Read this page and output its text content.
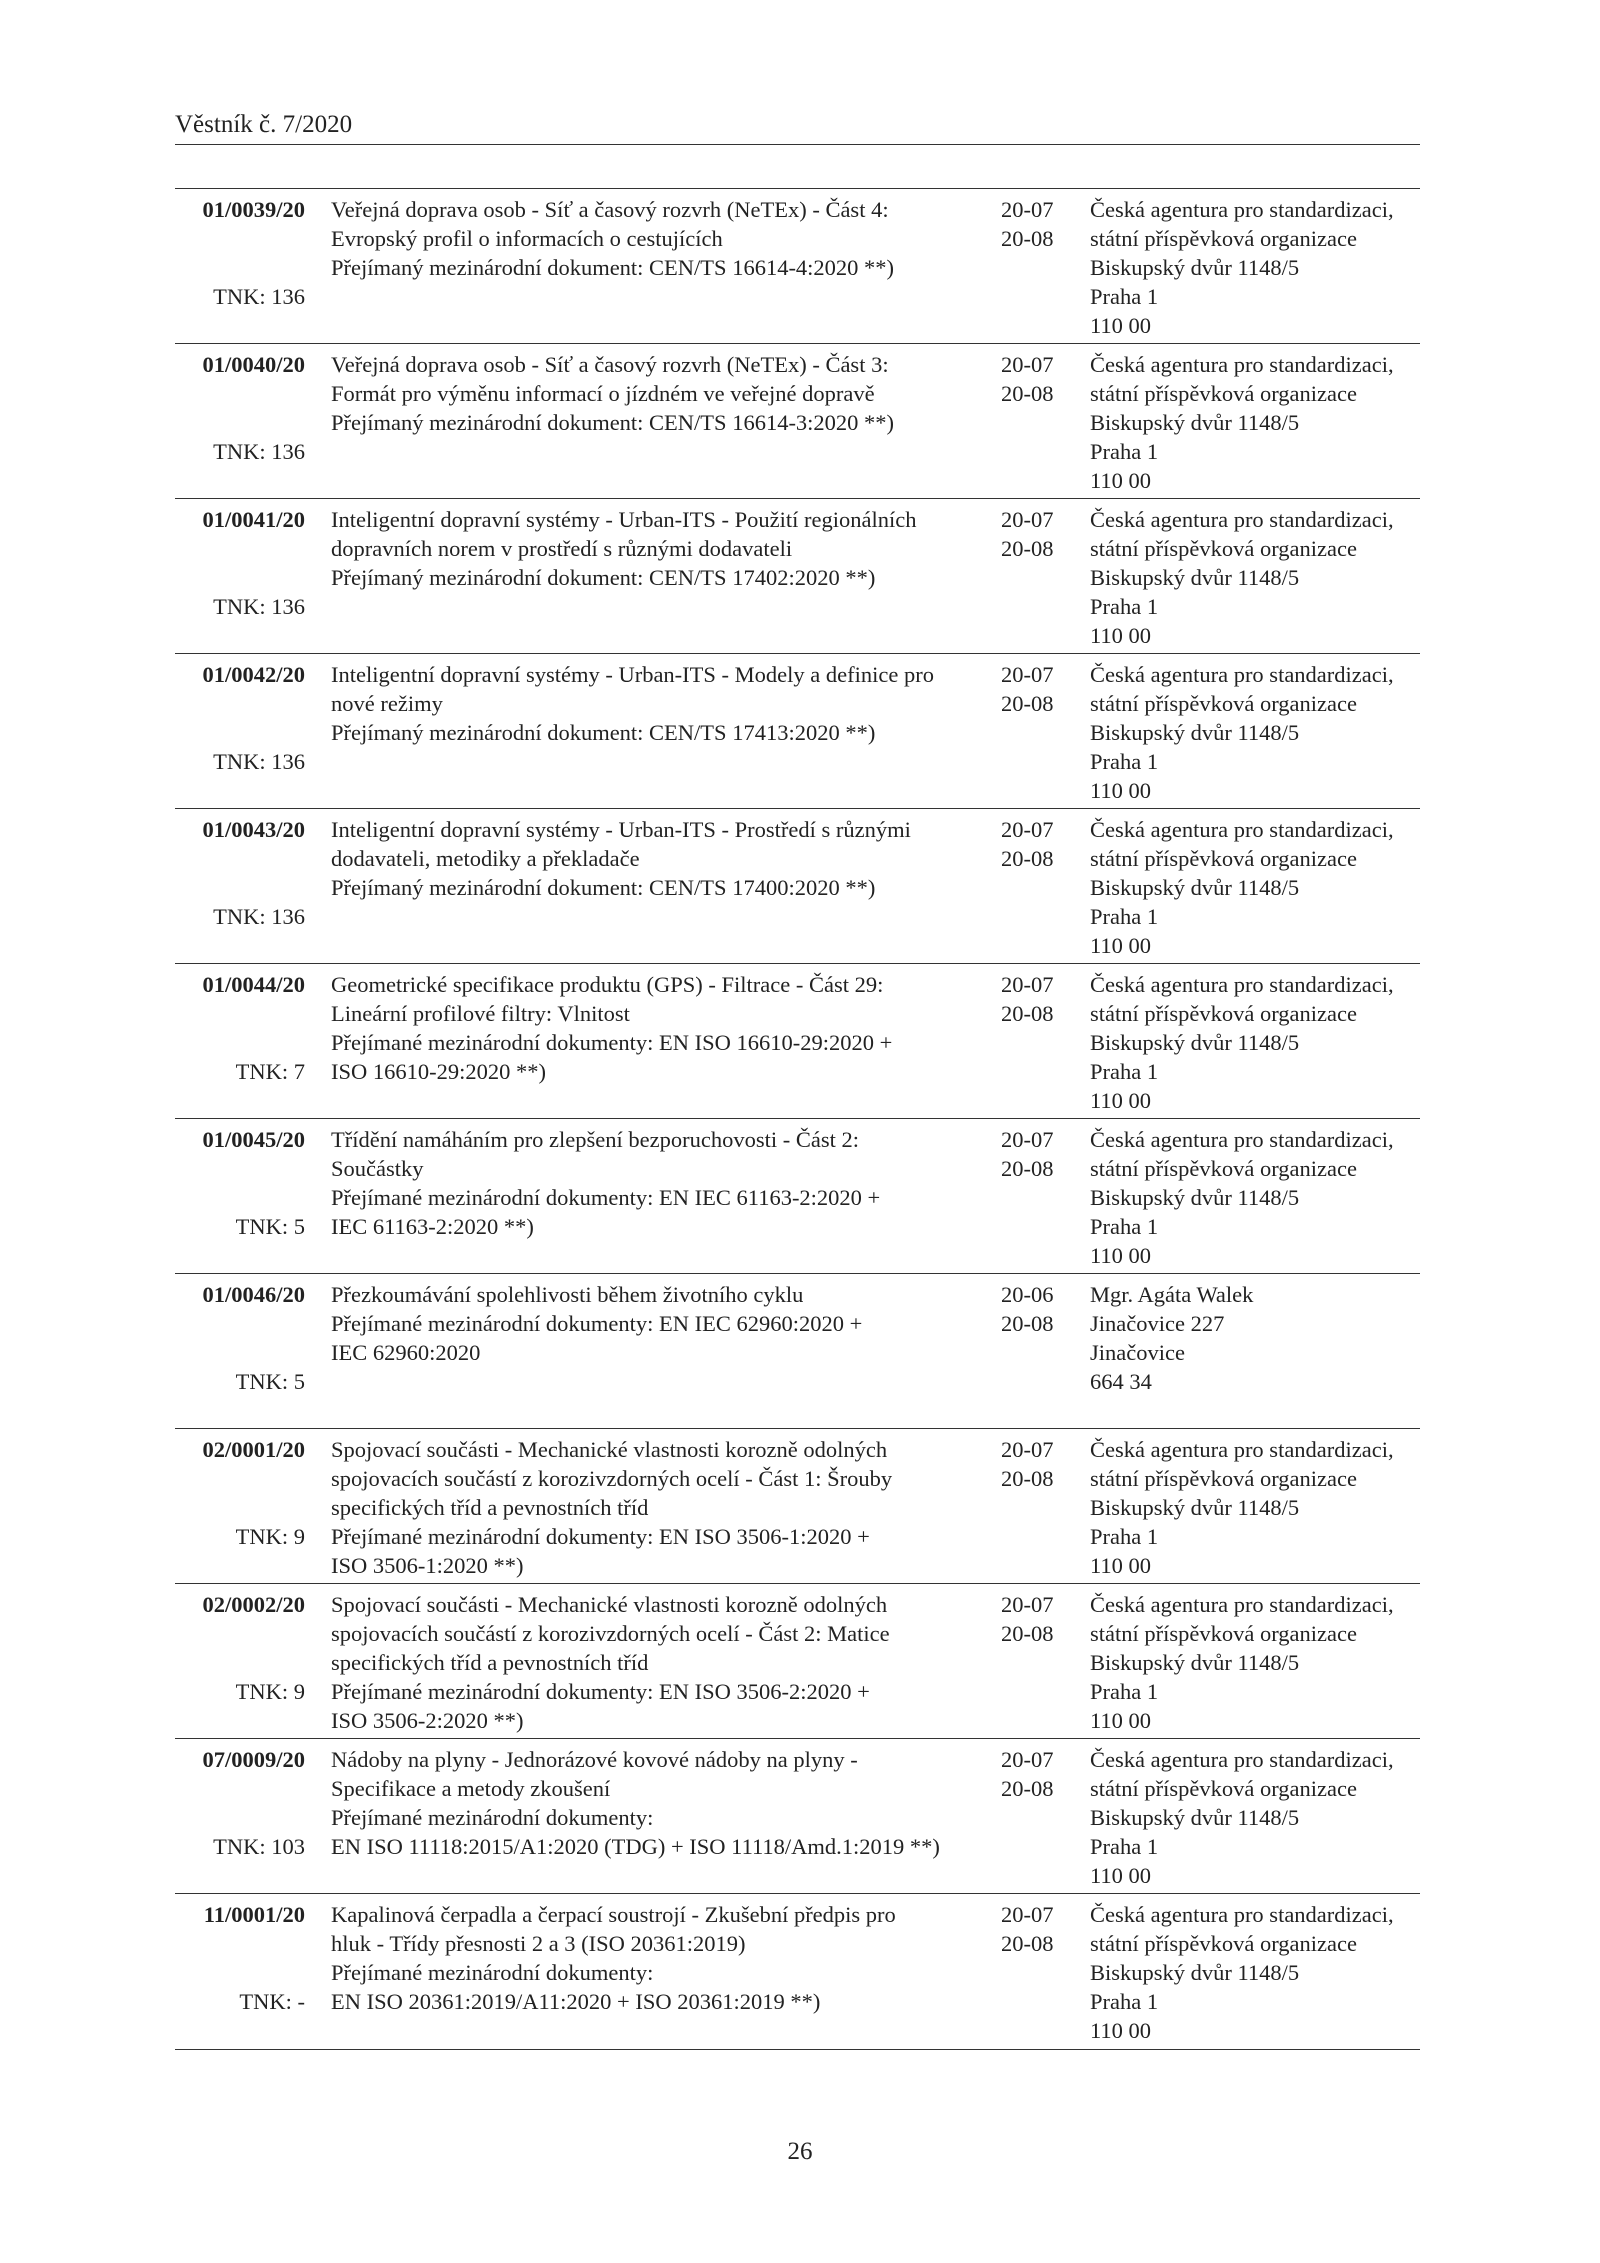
Věstník č. 7/2020
01/0039/20
TNK: 136
Veřejná doprava osob - Síť a časový rozvrh (NeTEx) - Část 4:
Evropský profil o informacích o cestujících
Přejímaný mezinárodní dokument: CEN/TS 16614-4:2020 **)
20-07
20-08
Česká agentura pro standardizaci,
státní příspěvková organizace
Biskupský dvůr 1148/5
Praha 1
110 00
01/0040/20
TNK: 136
Veřejná doprava osob - Síť a časový rozvrh (NeTEx) - Část 3:
Formát pro výměnu informací o jízdném ve veřejné dopravě
Přejímaný mezinárodní dokument: CEN/TS 16614-3:2020 **)
20-07
20-08
Česká agentura pro standardizaci,
státní příspěvková organizace
Biskupský dvůr 1148/5
Praha 1
110 00
01/0041/20
TNK: 136
Inteligentní dopravní systémy - Urban-ITS - Použití regionálních
dopravních norem v prostředí s různými dodavateli
Přejímaný mezinárodní dokument: CEN/TS 17402:2020 **)
20-07
20-08
Česká agentura pro standardizaci,
státní příspěvková organizace
Biskupský dvůr 1148/5
Praha 1
110 00
01/0042/20
TNK: 136
Inteligentní dopravní systémy - Urban-ITS - Modely a definice pro
nové režimy
Přejímaný mezinárodní dokument: CEN/TS 17413:2020 **)
20-07
20-08
Česká agentura pro standardizaci,
státní příspěvková organizace
Biskupský dvůr 1148/5
Praha 1
110 00
01/0043/20
TNK: 136
Inteligentní dopravní systémy - Urban-ITS - Prostředí s různými
dodavateli, metodiky a překladače
Přejímaný mezinárodní dokument: CEN/TS 17400:2020 **)
20-07
20-08
Česká agentura pro standardizaci,
státní příspěvková organizace
Biskupský dvůr 1148/5
Praha 1
110 00
01/0044/20
TNK: 7
Geometrické specifikace produktu (GPS) - Filtrace - Část 29:
Lineární profilové filtry: Vlnitost
Přejímané mezinárodní dokumenty: EN ISO 16610-29:2020 +
ISO 16610-29:2020 **)
20-07
20-08
Česká agentura pro standardizaci,
státní příspěvková organizace
Biskupský dvůr 1148/5
Praha 1
110 00
01/0045/20
TNK: 5
Třídění namáháním pro zlepšení bezporuchovosti - Část 2:
Součástky
Přejímané mezinárodní dokumenty: EN IEC 61163-2:2020 +
IEC 61163-2:2020 **)
20-07
20-08
Česká agentura pro standardizaci,
státní příspěvková organizace
Biskupský dvůr 1148/5
Praha 1
110 00
01/0046/20
TNK: 5
Přezkoumávání spolehlivosti během životního cyklu
Přejímané mezinárodní dokumenty: EN IEC 62960:2020 +
IEC 62960:2020
20-06
20-08
Mgr. Agáta Walek
Jinačovice 227
Jinačovice
664 34
02/0001/20
TNK: 9
Spojovací součásti - Mechanické vlastnosti korozně odolných
spojovacích součástí z korozivzdorných ocelí - Část 1: Šrouby
specifických tříd a pevnostních tříd
Přejímané mezinárodní dokumenty: EN ISO 3506-1:2020 +
ISO 3506-1:2020 **)
20-07
20-08
Česká agentura pro standardizaci,
státní příspěvková organizace
Biskupský dvůr 1148/5
Praha 1
110 00
02/0002/20
TNK: 9
Spojovací součásti - Mechanické vlastnosti korozně odolných
spojovacích součástí z korozivzdorných ocelí - Část 2: Matice
specifických tříd a pevnostních tříd
Přejímané mezinárodní dokumenty: EN ISO 3506-2:2020 +
ISO 3506-2:2020 **)
20-07
20-08
Česká agentura pro standardizaci,
státní příspěvková organizace
Biskupský dvůr 1148/5
Praha 1
110 00
07/0009/20
TNK: 103
Nádoby na plyny - Jednorázové kovové nádoby na plyny -
Specifikace a metody zkoušení
Přejímané mezinárodní dokumenty:
EN ISO 11118:2015/A1:2020 (TDG) + ISO 11118/Amd.1:2019 **)
20-07
20-08
Česká agentura pro standardizaci,
státní příspěvková organizace
Biskupský dvůr 1148/5
Praha 1
110 00
11/0001/20
TNK: -
Kapalinová čerpadla a čerpací soustrojí - Zkušební předpis pro
hluk - Třídy přesnosti 2 a 3 (ISO 20361:2019)
Přejímané mezinárodní dokumenty:
EN ISO 20361:2019/A11:2020 + ISO 20361:2019 **)
20-07
20-08
Česká agentura pro standardizaci,
státní příspěvková organizace
Biskupský dvůr 1148/5
Praha 1
110 00
26
